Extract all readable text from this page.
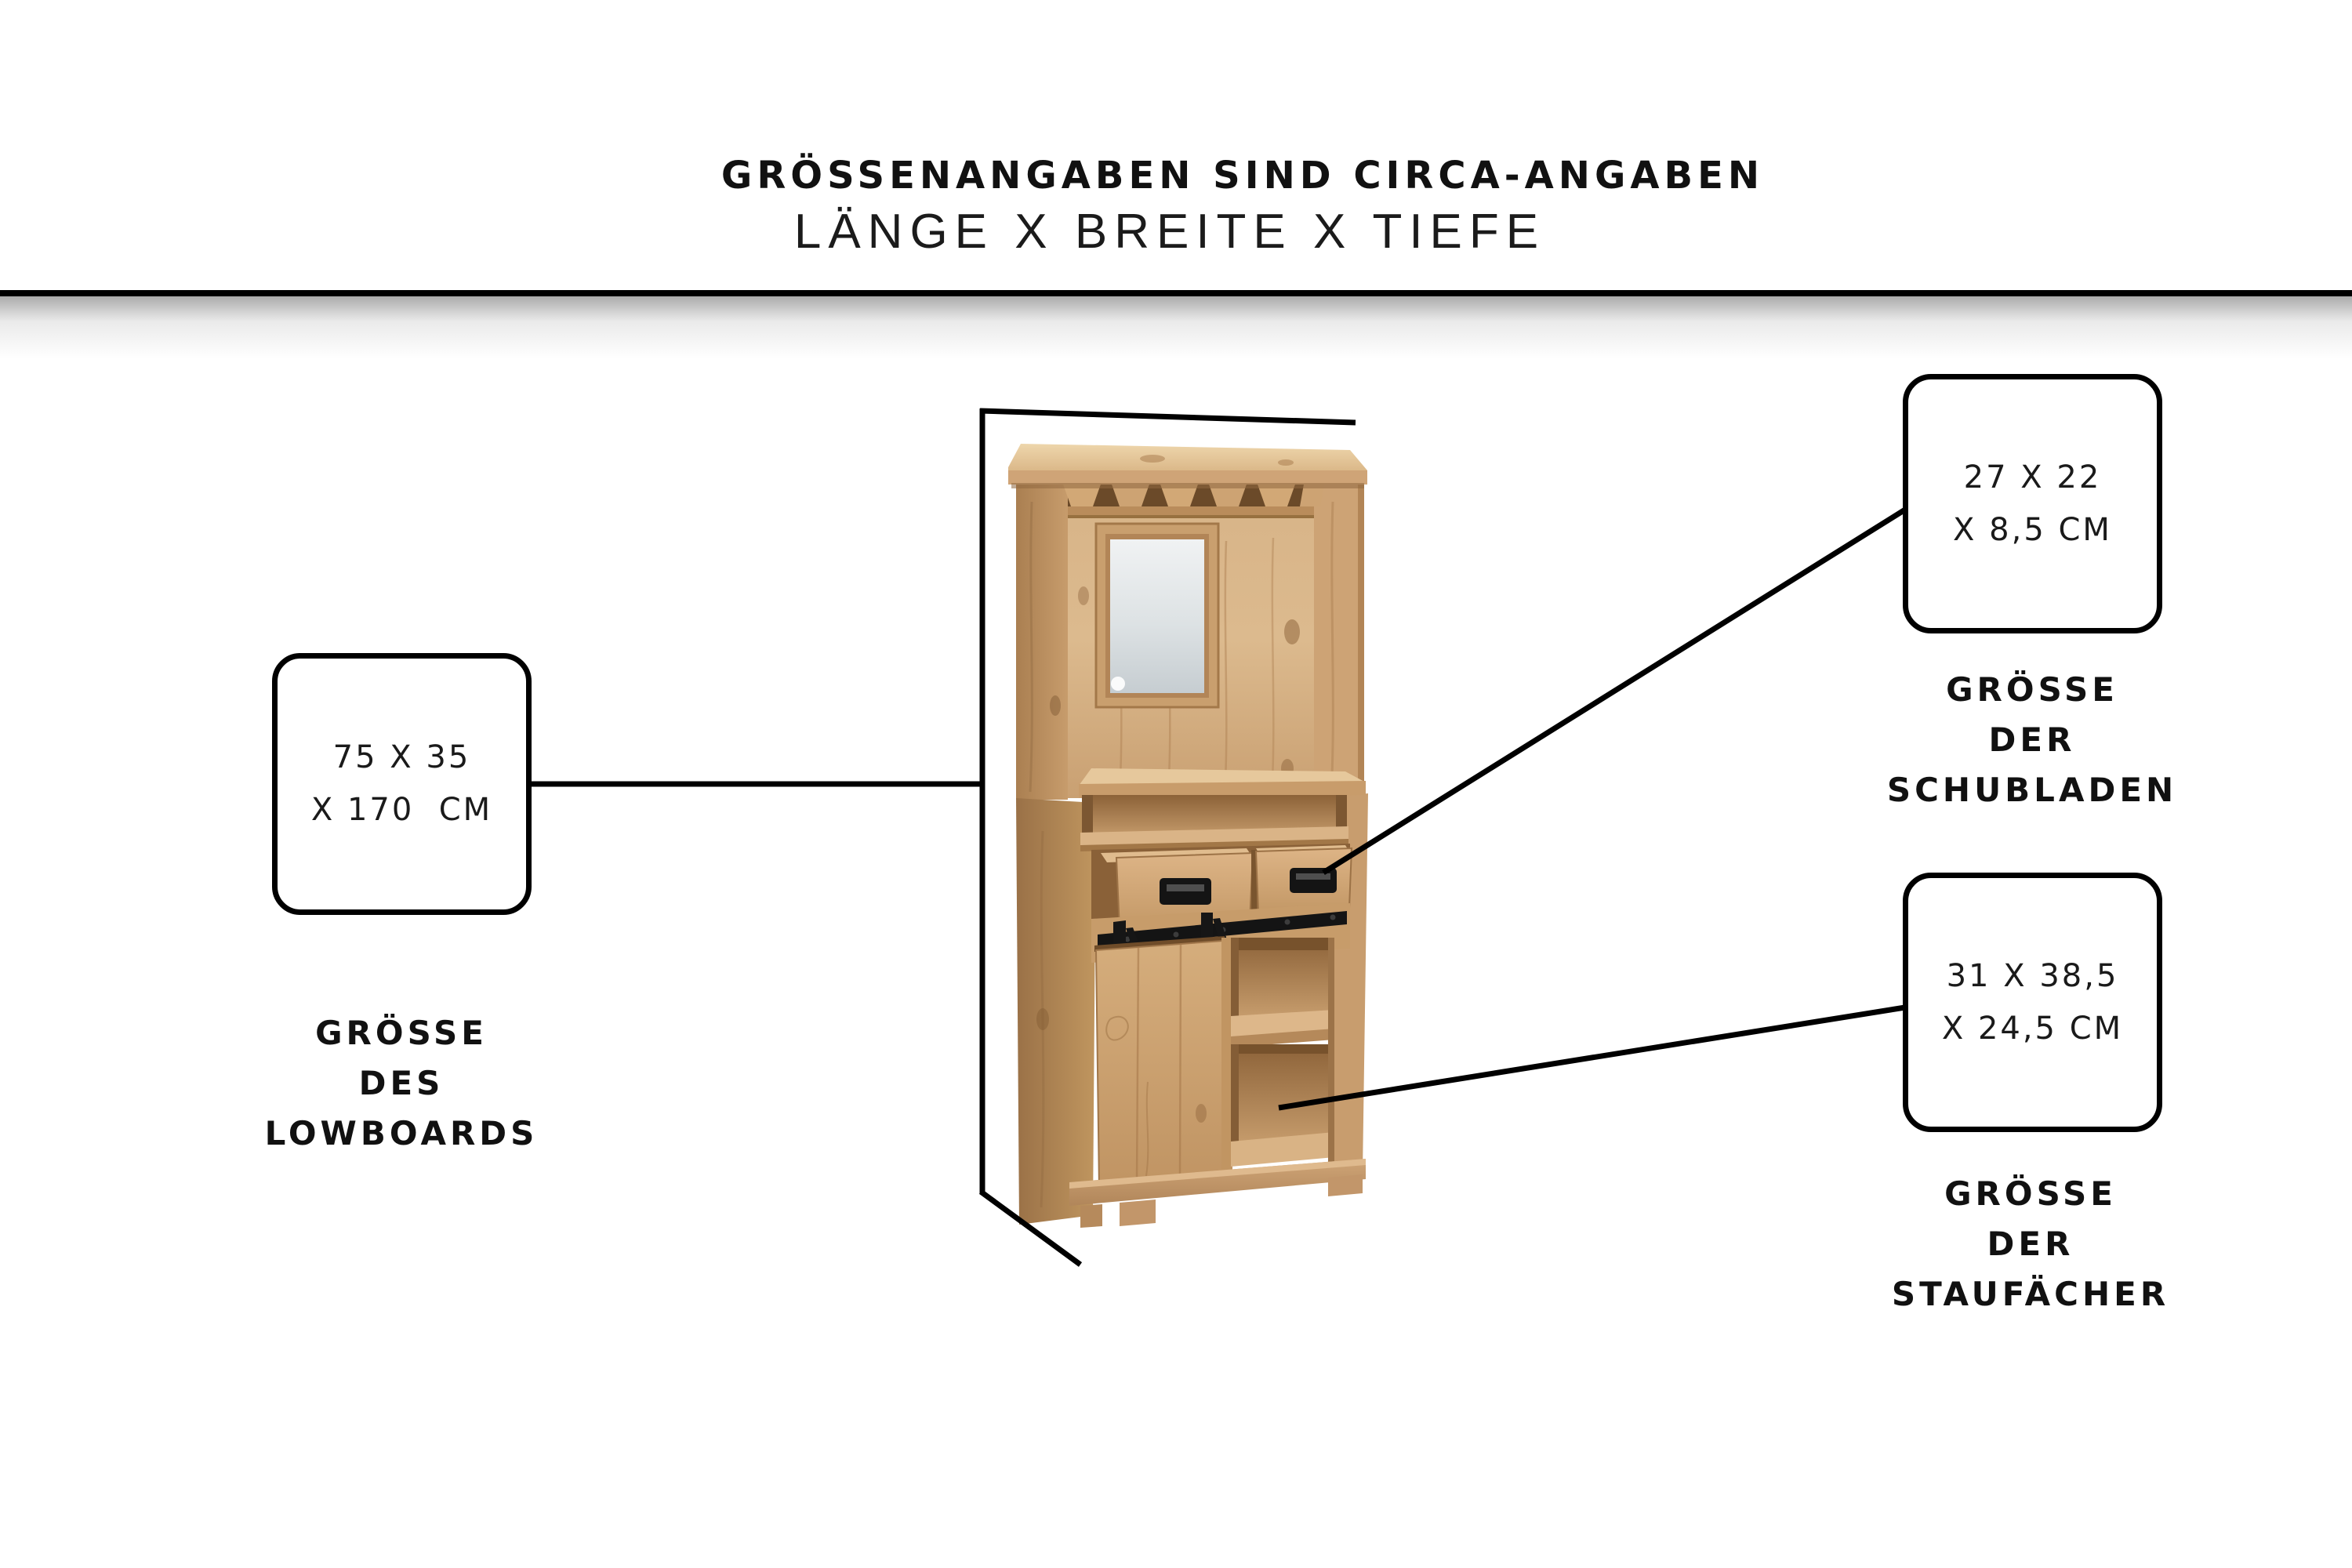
GRÖSSENANGABEN SIND CIRCA-ANGABEN
LÄNGE X BREITE X TIEFE
75 X 35
X 170  CM
27 X 22
X 8,5 CM
31 X 38,5
X 24,5 CM
GRÖSSE
DES
LOWBOARDS
GRÖSSE
DER
SCHUBLADEN
GRÖSSE
DER
STAUFÄCHER
